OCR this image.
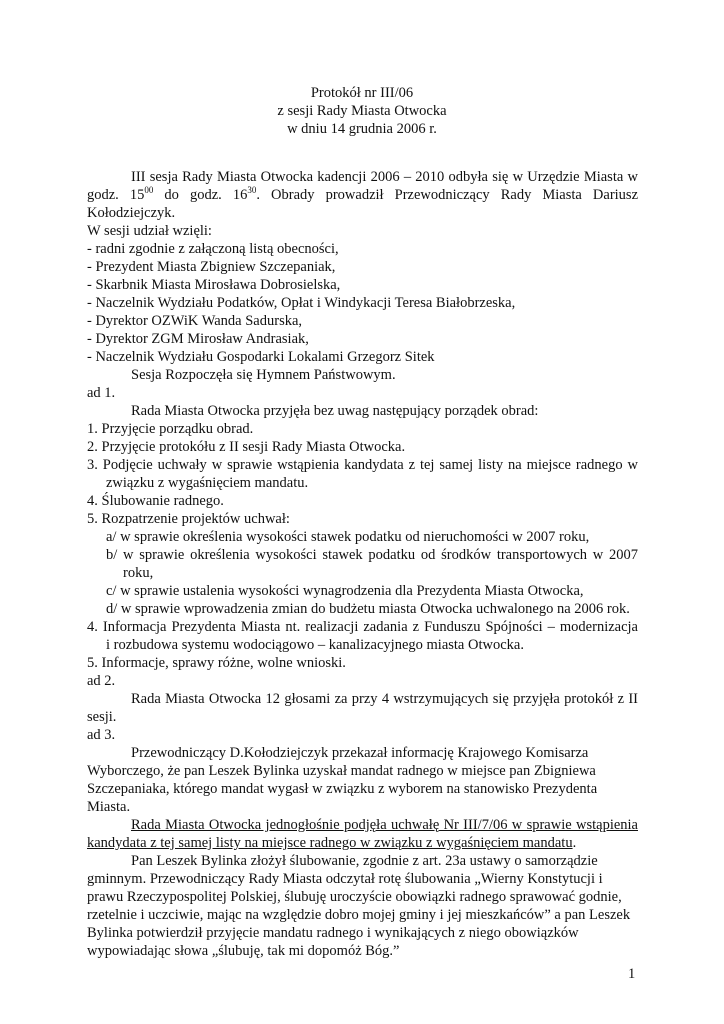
Protokół nr III/06
z sesji Rady Miasta Otwocka
w dniu 14 grudnia 2006 r.
III sesja Rady Miasta Otwocka kadencji 2006 – 2010 odbyła się w Urzędzie Miasta w
godz. $15^{00}$ do godz. $16^{30}$. Obrady prowadził Przewodniczący Rady Miasta Dariusz
Kołodziejczyk.
W sesji udział wzięli:
- radni zgodnie z załączoną listą obecności,
- Prezydent Miasta Zbigniew Szczepaniak,
- Skarbnik Miasta Mirosława Dobrosielska,
- Naczelnik Wydziału Podatków, Opłat i Windykacji Teresa Białobrzeska,
- Dyrektor OZWiK Wanda Sadurska,
- Dyrektor ZGM Mirosław Andrasiak,
- Naczelnik Wydziału Gospodarki Lokalami Grzegorz Sitek
Sesja Rozpoczęła się Hymnem Państwowym.
ad 1.
Rada Miasta Otwocka przyjęła bez uwag następujący porządek obrad:
1. Przyjęcie porządku obrad.
2. Przyjęcie protokółu z II sesji Rady Miasta Otwocka.
3. Podjęcie uchwały w sprawie wstąpienia kandydata z tej samej listy na miejsce radnego w
związku z wygaśnięciem mandatu.
4. Ślubowanie radnego.
5. Rozpatrzenie projektów uchwał:
a/ w sprawie określenia wysokości stawek podatku od nieruchomości w 2007 roku,
b/ w sprawie określenia wysokości stawek podatku od środków transportowych w 2007
roku,
c/ w sprawie ustalenia wysokości wynagrodzenia dla Prezydenta Miasta Otwocka,
d/ w sprawie wprowadzenia zmian do budżetu miasta Otwocka uchwalonego na 2006 rok.
4. Informacja Prezydenta Miasta nt. realizacji zadania z Funduszu Spójności – modernizacja
i rozbudowa systemu wodociągowo – kanalizacyjnego miasta Otwocka.
5. Informacje, sprawy różne, wolne wnioski.
ad 2.
Rada Miasta Otwocka 12 głosami za przy 4 wstrzymujących się przyjęła protokół z II
sesji.
ad 3.
Przewodniczący D.Kołodziejczyk przekazał informację Krajowego Komisarza
Wyborczego, że pan Leszek Bylinka uzyskał mandat radnego w miejsce pan Zbigniewa
Szczepaniaka, którego mandat wygasł w związku z wyborem na stanowisko Prezydenta
Miasta.
Rada Miasta Otwocka jednogłośnie podjęła uchwałę Nr III/7/06 w sprawie wstąpienia
kandydata z tej samej listy na miejsce radnego w związku z wygaśnięciem mandatu.
Pan Leszek Bylinka złożył ślubowanie, zgodnie z art. 23a ustawy o samorządzie
gminnym. Przewodniczący Rady Miasta odczytał rotę ślubowania „Wierny Konstytucji i
prawu Rzeczypospolitej Polskiej, ślubuję uroczyście obowiązki radnego sprawować godnie,
rzetelnie i uczciwie, mając na względzie dobro mojej gminy i jej mieszkańców” a pan Leszek
Bylinka potwierdził przyjęcie mandatu radnego i wynikających z niego obowiązków
wypowiadając słowa „ślubuję, tak mi dopomóż Bóg.”
1
